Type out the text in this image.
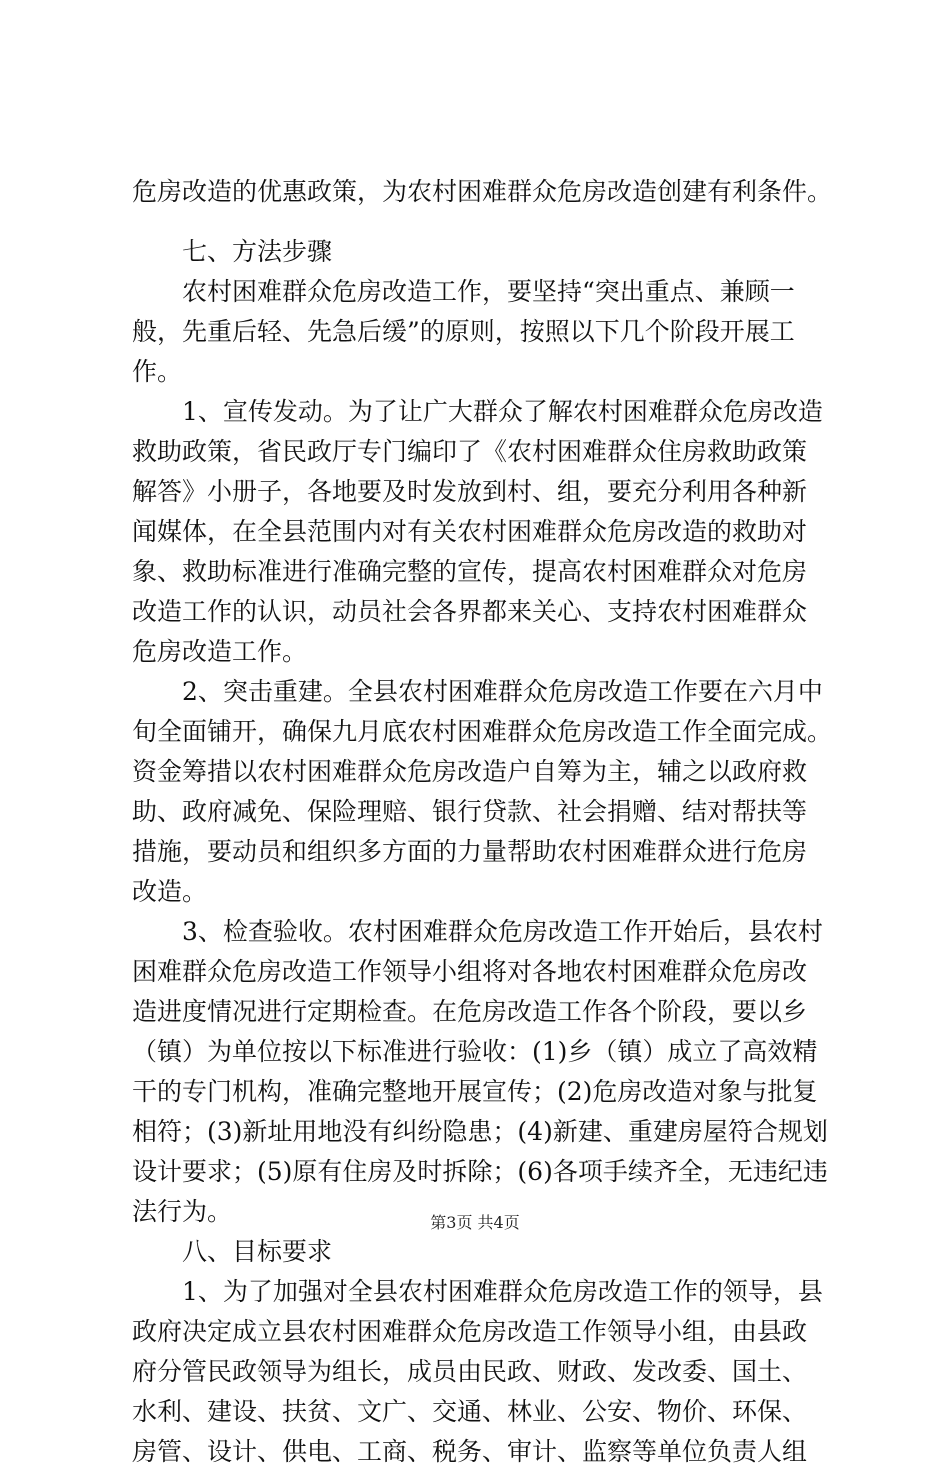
危房改造的优惠政策，为农村困难群众危房改造创建有利条件。
七、方法步骤
农村困难群众危房改造工作，要坚持“突出重点、兼顾一
般，先重后轻、先急后缓”的原则，按照以下几个阶段开展工
作。
1、宣传发动。为了让广大群众了解农村困难群众危房改造
救助政策，省民政厅专门编印了《农村困难群众住房救助政策
解答》小册子，各地要及时发放到村、组，要充分利用各种新
闻媒体，在全县范围内对有关农村困难群众危房改造的救助对
象、救助标准进行准确完整的宣传，提高农村困难群众对危房
改造工作的认识，动员社会各界都来关心、支持农村困难群众
危房改造工作。
2、突击重建。全县农村困难群众危房改造工作要在六月中
旬全面铺开，确保九月底农村困难群众危房改造工作全面完成。
资金筹措以农村困难群众危房改造户自筹为主，辅之以政府救
助、政府减免、保险理赔、银行贷款、社会捐赠、结对帮扶等
措施，要动员和组织多方面的力量帮助农村困难群众进行危房
改造。
3、检查验收。农村困难群众危房改造工作开始后，县农村
困难群众危房改造工作领导小组将对各地农村困难群众危房改
造进度情况进行定期检查。在危房改造工作各个阶段，要以乡
（镇）为单位按以下标准进行验收：(1)乡（镇）成立了高效精
干的专门机构，准确完整地开展宣传；(2)危房改造对象与批复
相符；(3)新址用地没有纠纷隐患；(4)新建、重建房屋符合规划
设计要求；(5)原有住房及时拆除；(6)各项手续齐全，无违纪违
法行为。
八、目标要求
1、为了加强对全县农村困难群众危房改造工作的领导，县
政府决定成立县农村困难群众危房改造工作领导小组，由县政
府分管民政领导为组长，成员由民政、财政、发改委、国土、
水利、建设、扶贫、文广、交通、林业、公安、物价、环保、
房管、设计、供电、工商、税务、审计、监察等单位负责人组
第3页 共4页
